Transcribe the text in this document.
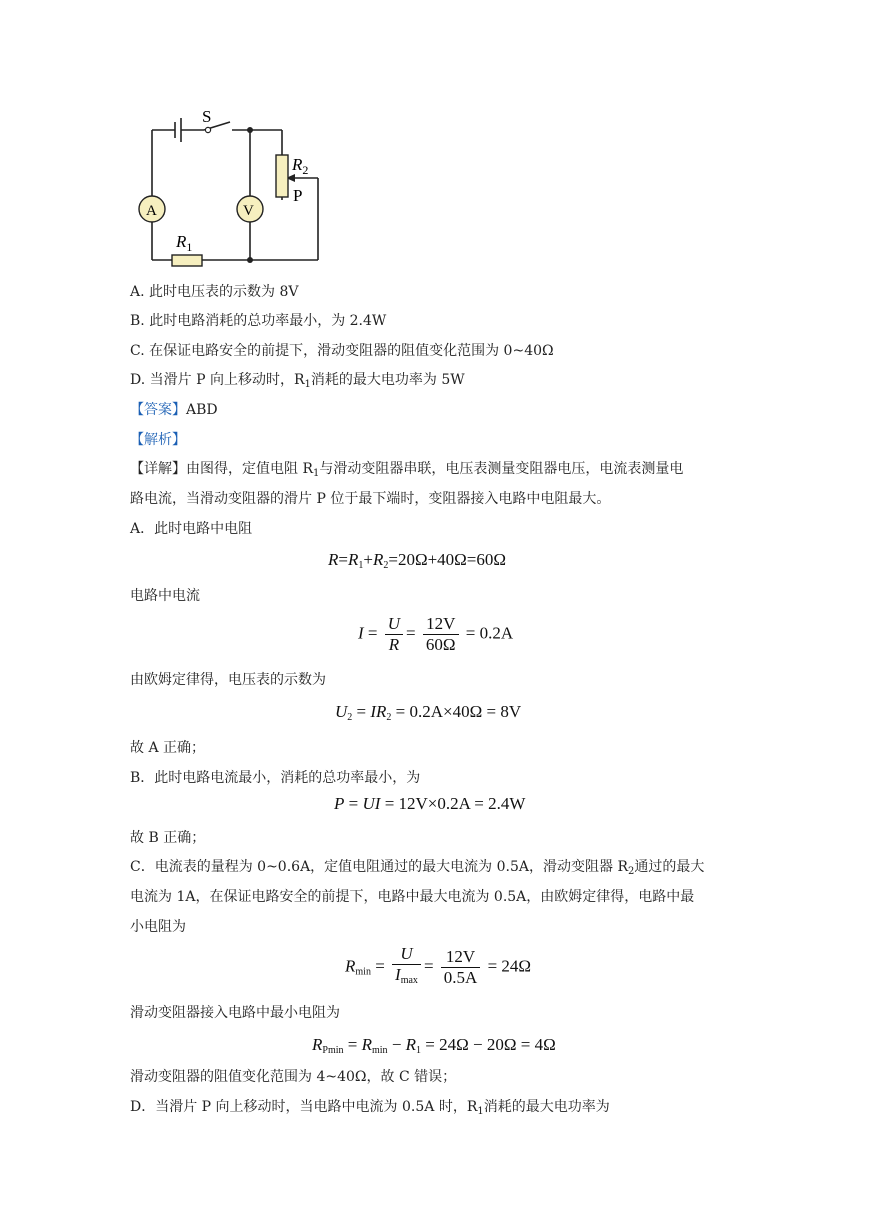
S
A	V
$R_2$
P
$R_1$
A. 此时电压表的示数为 8V
B. 此时电路消耗的总功率最小，为 2.4W
C. 在保证电路安全的前提下，滑动变阻器的阻值变化范围为 0~40Ω
D. 当滑片 P 向上移动时，$R_1$消耗的最大电功率为 5W
【答案】ABD
【解析】
【详解】由图得，定值电阻 $R_1$与滑动变阻器串联，电压表测量变阻器电压，电流表测量电
路电流，当滑动变阻器的滑片 P 位于最下端时，变阻器接入电路中电阻最大。
A．此时电路中电阻
$R=R_1+R_2=20\Omega+40\Omega=60\Omega$
电路中电流
$I = \frac{U}{R} = \frac{12V}{60\Omega} = 0.2A$
由欧姆定律得，电压表的示数为
$U_2 = IR_2 = 0.2A\times 40\Omega = 8V$
故 A 正确；
B．此时电路电流最小，消耗的总功率最小，为
P = UI = 12V×0.2A = 2.4W
故 B 正确；
C．电流表的量程为 0~0.6A，定值电阻通过的最大电流为 0.5A，滑动变阻器 $R_2$通过的最大
电流为 1A，在保证电路安全的前提下，电路中最大电流为 0.5A，由欧姆定律得，电路中最
小电阻为
$R_{min} = \frac{U}{I_{max}} = \frac{12V}{0.5A} = 24\Omega$
滑动变阻器接入电路中最小电阻为
$R_{Pmin} = R_{min} - R_1 = 24\Omega - 20\Omega = 4\Omega$
滑动变阻器的阻值变化范围为 4~40Ω，故 C 错误；
D．当滑片 P 向上移动时，当电路中电流为 0.5A 时，$R_1$消耗的最大电功率为
